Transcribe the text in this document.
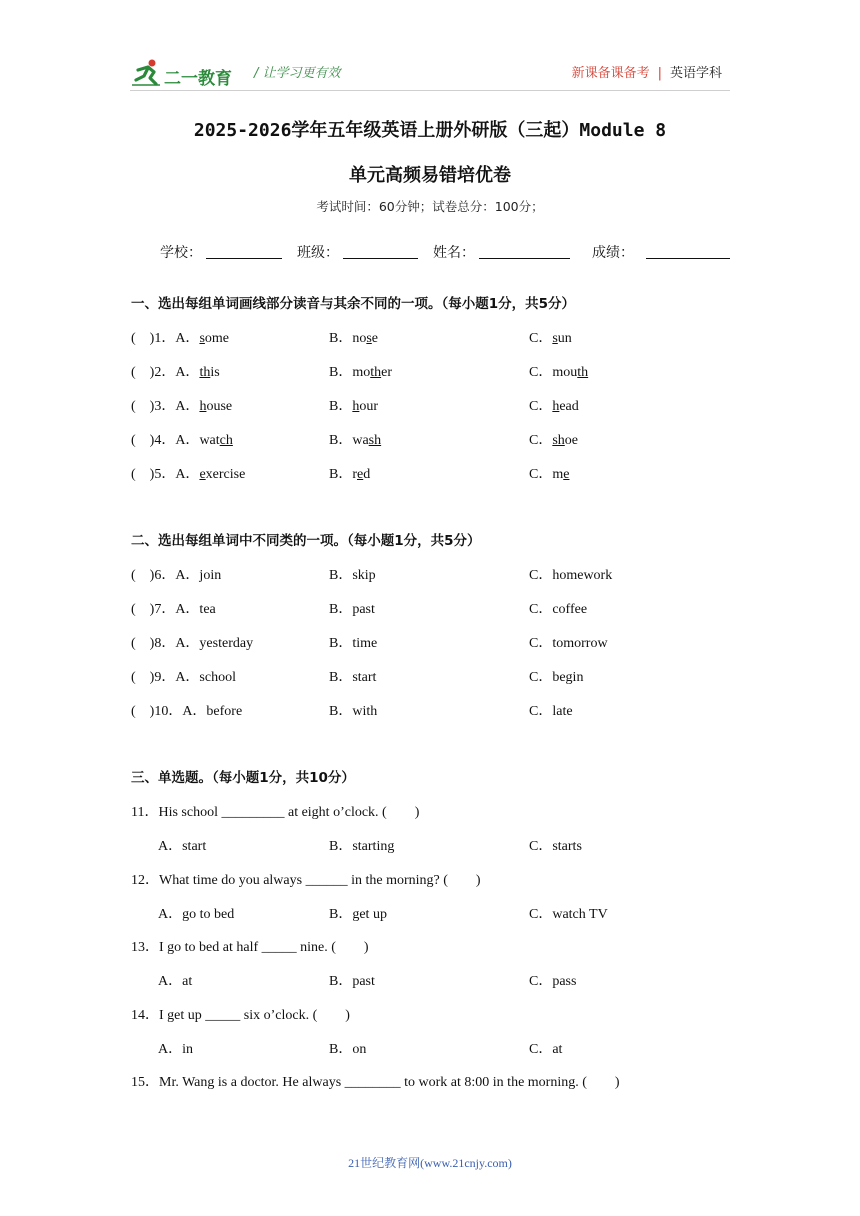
二一教育 / 让学习更有效	新课备课备考 | 英语学科
2025-2026学年五年级英语上册外研版（三起）Module 8
单元高频易错培优卷
考试时间：60分钟；试卷总分：100分；
学校：	班级：	姓名：	成绩：
一、选出每组单词画线部分读音与其余不同的一项。（每小题1分，共5分）
(　)1．A．some	B．nose	C．sun
(　)2．A．this	B．mother	C．mouth
(　)3．A．house	B．hour	C．head
(　)4．A．watch	B．wash	C．shoe
(　)5．A．exercise	B．red	C．me
二、选出每组单词中不同类的一项。（每小题1分，共5分）
(　)6．A．join	B．skip	C．homework
(　)7．A．tea	B．past	C．coffee
(　)8．A．yesterday	B．time	C．tomorrow
(　)9．A．school	B．start	C．begin
(　)10．A．before	B．with	C．late
三、单选题。（每小题1分，共10分）
11．His school _________ at eight o’clock. (　　)
A．start	B．starting	C．starts
12．What time do you always ______ in the morning? (　　)
A．go to bed	B．get up	C．watch TV
13．I go to bed at half _____ nine. (　　)
A．at	B．past	C．pass
14．I get up _____ six o’clock. (　　)
A．in	B．on	C．at
15．Mr. Wang is a doctor. He always ________ to work at 8:00 in the morning. (　　)
21世纪教育网(www.21cnjy.com)
